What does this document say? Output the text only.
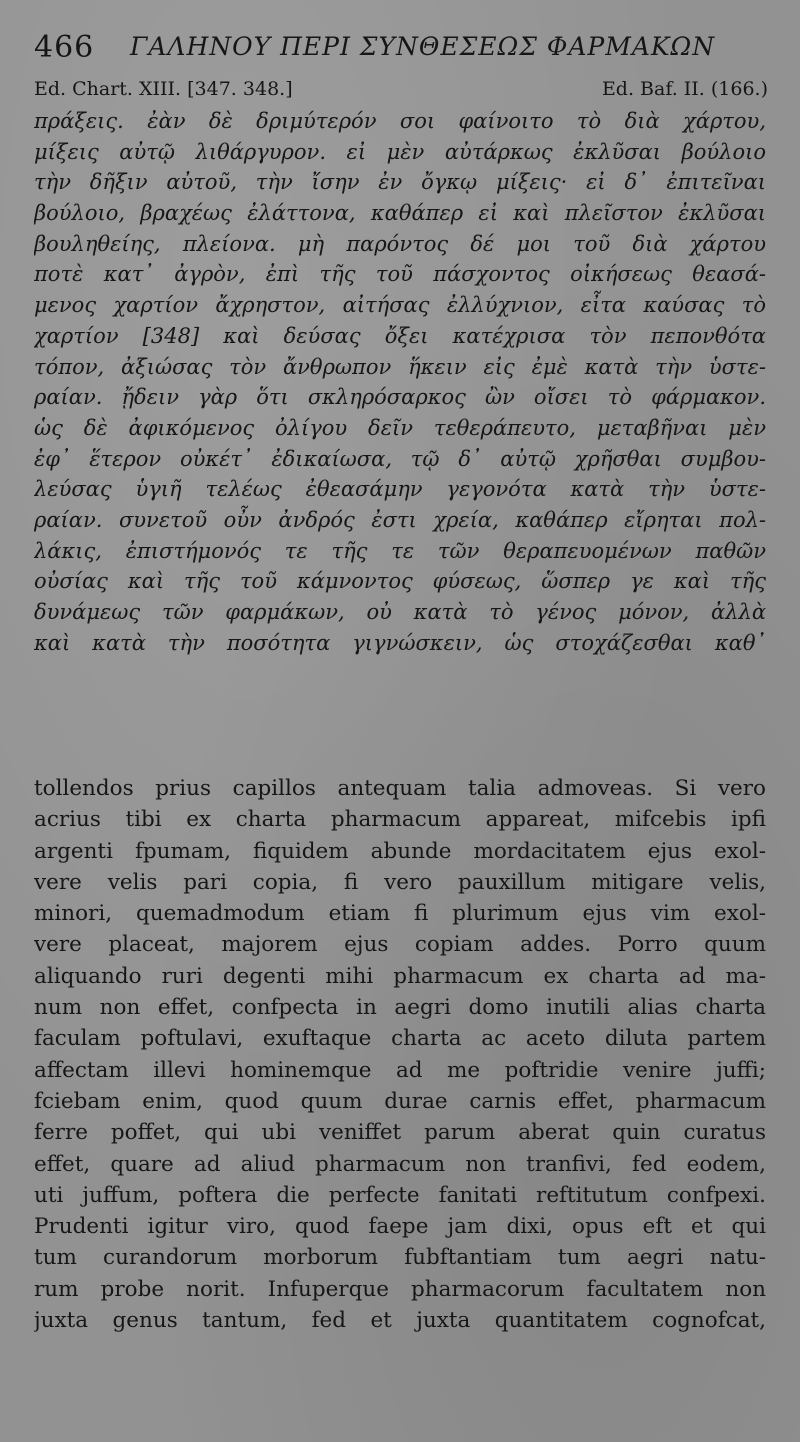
466 ΓΑΛΗΝΟΥ ΠΕΡΙ ΣΥΝΘΕΣΕΩΣ ΦΑΡΜΑΚΩΝ
Ed. Chart. XIII. [347. 348.]	Ed. Baf. II. (166.)
πράξεις. ἐὰν δὲ δριμύτερόν σοι φαίνοιτο τὸ διὰ χάρτου,
μίξεις αὐτῷ λιθάργυρον. εἰ μὲν αὐτάρκως ἐκλῦσαι βούλοιο
τὴν δῆξιν αὐτοῦ, τὴν ἴσην ἐν ὄγκῳ μίξεις· εἰ δ᾽ ἐπιτεῖναι
βούλοιο, βραχέως ἐλάττονα, καθάπερ εἰ καὶ πλεῖστον ἐκλῦσαι
βουληθείης, πλείονα. μὴ παρόντος δέ μοι τοῦ διὰ χάρτου
ποτὲ κατ᾽ ἀγρὸν, ἐπὶ τῆς τοῦ πάσχοντος οἰκήσεως θεασά-
μενος χαρτίον ἄχρηστον, αἰτήσας ἐλλύχνιον, εἶτα καύσας τὸ
χαρτίον [348] καὶ δεύσας ὄξει κατέχρισα τὸν πεπονθότα
τόπον, ἀξιώσας τὸν ἄνθρωπον ἥκειν εἰς ἐμὲ κατὰ τὴν ὑστε-
ραίαν. ᾔδειν γὰρ ὅτι σκληρόσαρκος ὢν οἴσει τὸ φάρμακον.
ὡς δὲ ἀφικόμενος ὀλίγου δεῖν τεθεράπευτο, μεταβῆναι μὲν
ἐφ᾽ ἕτερον οὐκέτ᾽ ἐδικαίωσα, τῷ δ᾽ αὐτῷ χρῆσθαι συμβου-
λεύσας ὑγιῆ τελέως ἐθεασάμην γεγονότα κατὰ τὴν ὑστε-
ραίαν. συνετοῦ οὖν ἀνδρός ἐστι χρεία, καθάπερ εἴρηται πολ-
λάκις, ἐπιστήμονός τε τῆς τε τῶν θεραπευομένων παθῶν
οὐσίας καὶ τῆς τοῦ κάμνοντος φύσεως, ὥσπερ γε καὶ τῆς
δυνάμεως τῶν φαρμάκων, οὐ κατὰ τὸ γένος μόνον, ἀλλὰ
καὶ κατὰ τὴν ποσότητα γιγνώσκειν, ὡς στοχάζεσθαι καθ᾽
tollendos prius capillos antequam talia admoveas. Si vero
acrius tibi ex charta pharmacum appareat, mifcebis ipfi
argenti fpumam, fiquidem abunde mordacitatem ejus exol-
vere velis pari copia, fi vero pauxillum mitigare velis,
minori, quemadmodum etiam fi plurimum ejus vim exol-
vere placeat, majorem ejus copiam addes. Porro quum
aliquando ruri degenti mihi pharmacum ex charta ad ma-
num non effet, confpecta in aegri domo inutili alias charta
faculam poftulavi, exuftaque charta ac aceto diluta partem
affectam illevi hominemque ad me poftridie venire juffi;
fciebam enim, quod quum durae carnis effet, pharmacum
ferre poffet, qui ubi veniffet parum aberat quin curatus
effet, quare ad aliud pharmacum non tranfivi, fed eodem,
uti juffum, poftera die perfecte fanitati reftitutum confpexi.
Prudenti igitur viro, quod faepe jam dixi, opus eft et qui
tum curandorum morborum fubftantiam tum aegri natu-
rum probe norit. Infuperque pharmacorum facultatem non
juxta genus tantum, fed et juxta quantitatem cognofcat,
